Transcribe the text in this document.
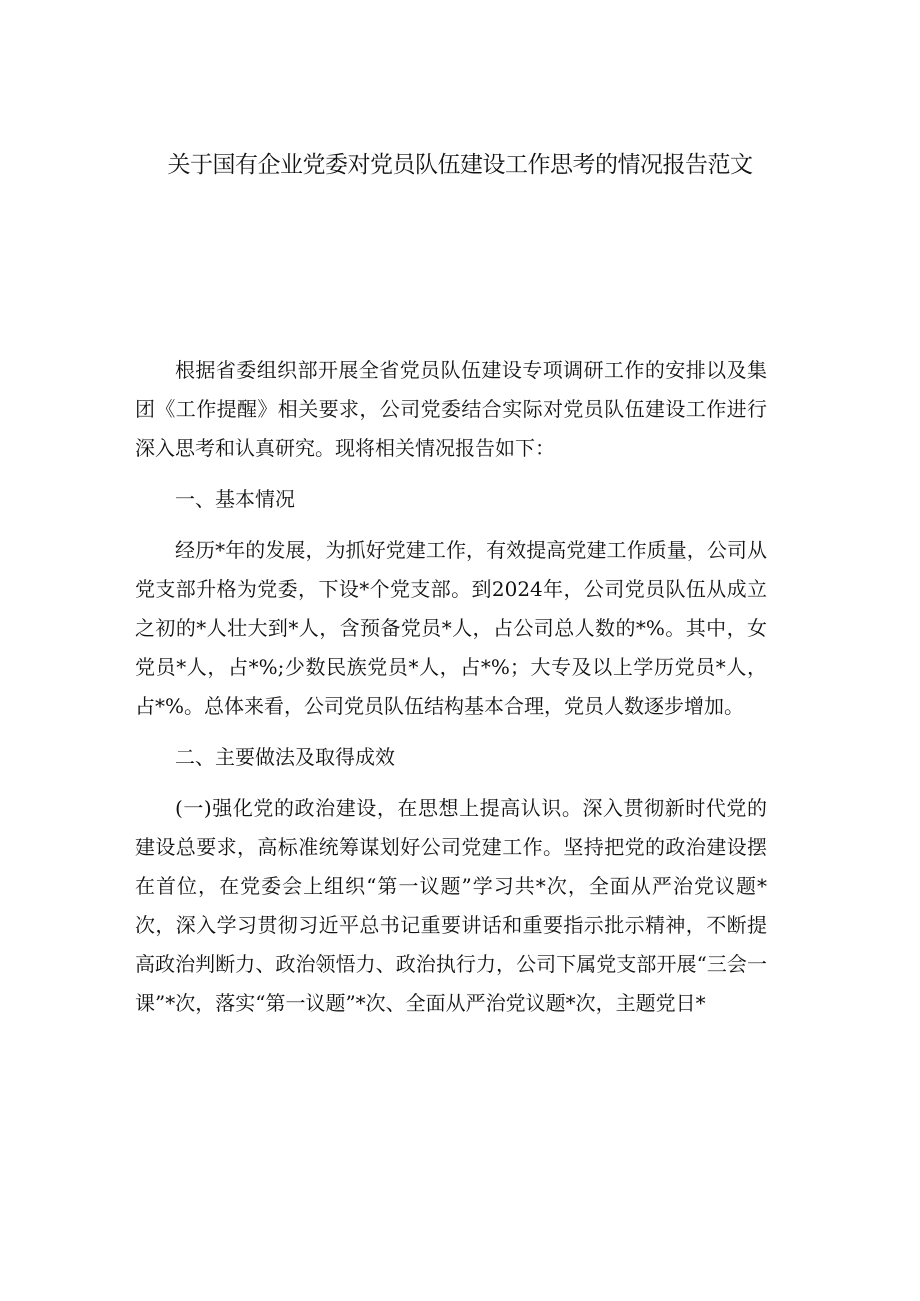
关于国有企业党委对党员队伍建设工作思考的情况报告范文

根据省委组织部开展全省党员队伍建设专项调研工作的安排以及集团《工作提醒》相关要求，公司党委结合实际对党员队伍建设工作进行深入思考和认真研究。现将相关情况报告如下：

一、基本情况

经历*年的发展，为抓好党建工作，有效提高党建工作质量，公司从党支部升格为党委，下设*个党支部。到2024年，公司党员队伍从成立之初的*人壮大到*人，含预备党员*人，占公司总人数的*%。其中，女党员*人，占*%;少数民族党员*人，占*%；大专及以上学历党员*人，占*%。总体来看，公司党员队伍结构基本合理，党员人数逐步增加。

二、主要做法及取得成效

(一)强化党的政治建设，在思想上提高认识。深入贯彻新时代党的建设总要求，高标准统筹谋划好公司党建工作。坚持把党的政治建设摆在首位，在党委会上组织“第一议题”学习共*次，全面从严治党议题*次，深入学习贯彻习近平总书记重要讲话和重要指示批示精神，不断提高政治判断力、政治领悟力、政治执行力，公司下属党支部开展“三会一课”*次，落实“第一议题”*次、全面从严治党议题*次，主题党日*
